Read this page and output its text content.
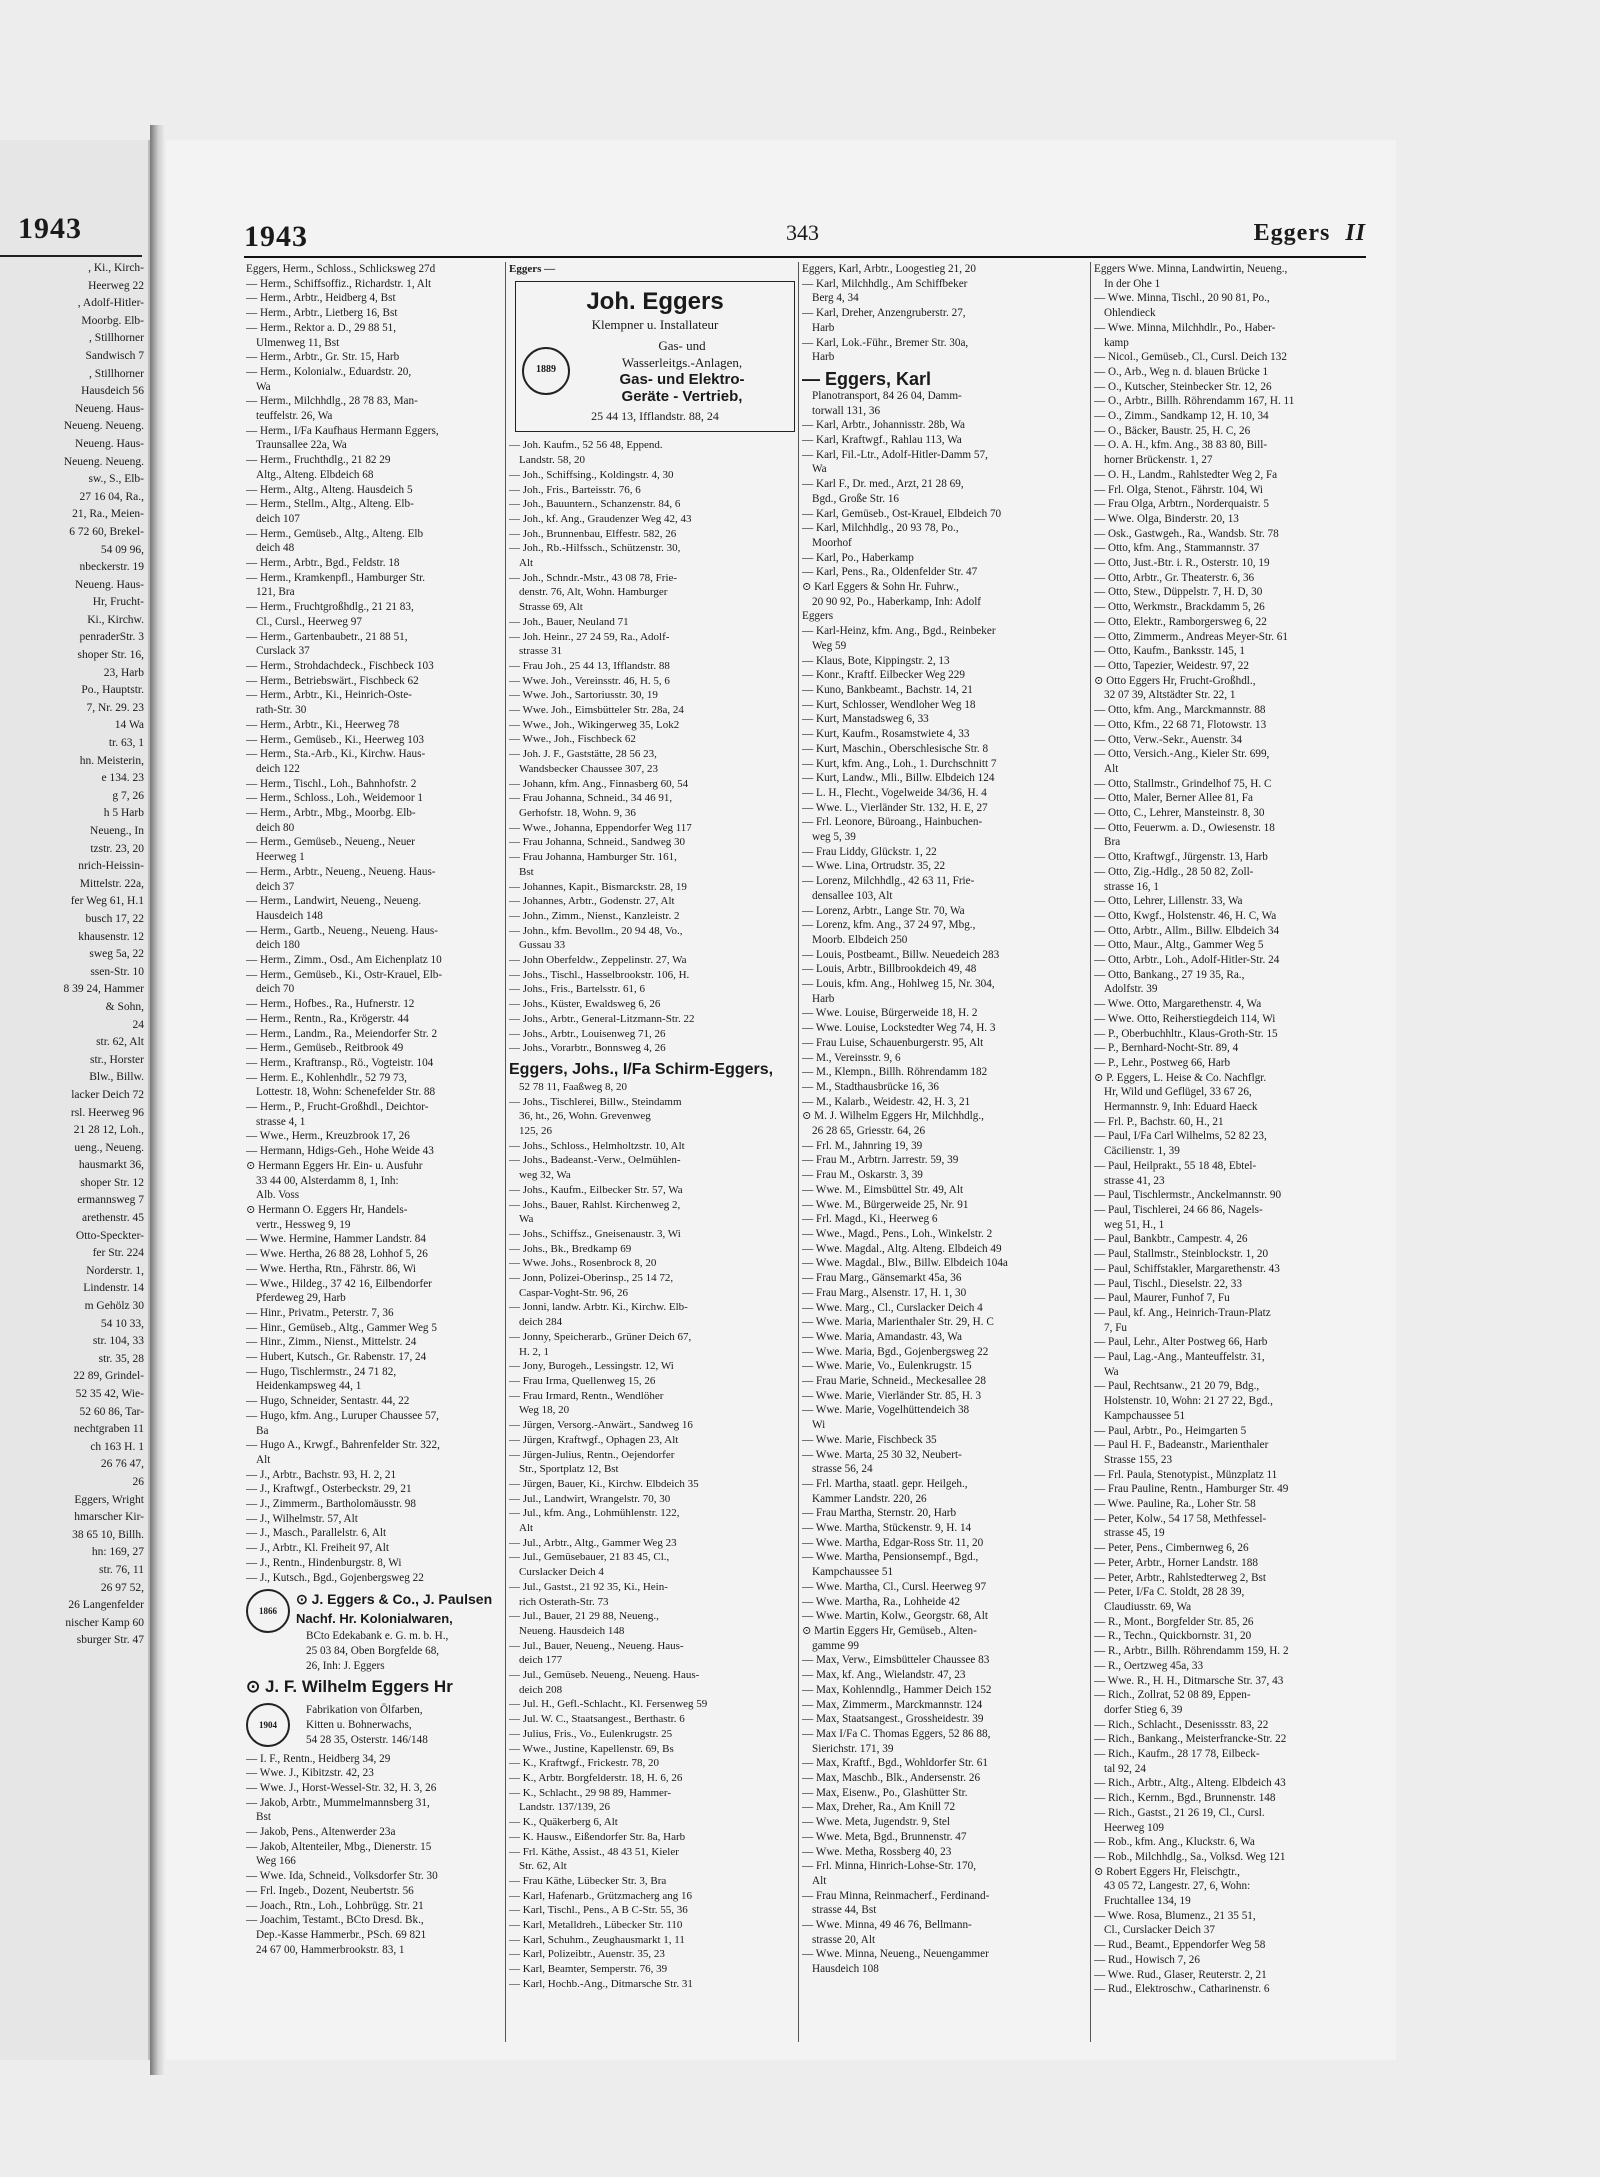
1943
, Ki., Kirch-
Heerweg 22
, Adolf-Hitler-
Moorbg. Elb-
, Stillhorner
Sandwisch 7
, Stillhorner
Hausdeich 56
Neueng. Haus-
Neueng. Neueng.
Neueng. Haus-
Neueng. Neueng.
sw., S., Elb-
27 16 04, Ra.,
21, Ra., Meien-
6 72 60, Brekel-
54 09 96,
nbeckerstr. 19
Neueng. Haus-
Hr, Frucht-
Ki., Kirchw.
penraderStr. 3
shoper Str. 16,
23, Harb
Po., Hauptstr.
7, Nr. 29. 23
14 Wa
tr. 63, 1
hn. Meisterin,
e 134. 23
g 7, 26
h 5 Harb
Neueng., In
tzstr. 23, 20
nrich-Heissin-
Mittelstr. 22a,
fer Weg 61, H.1
busch 17, 22
khausenstr. 12
sweg 5a, 22
ssen-Str. 10
8 39 24, Hammer
& Sohn,
24
str. 62, Alt
str., Horster
Blw., Billw.
lacker Deich 72
rsl. Heerweg 96
21 28 12, Loh.,
ueng., Neueng.
hausmarkt 36,
shoper Str. 12
ermannsweg 7
arethenstr. 45
Otto-Speckter-
fer Str. 224
Norderstr. 1,
Lindenstr. 14
m Gehölz 30
54 10 33,
str. 104, 33
str. 35, 28
22 89, Grindel-
52 35 42, Wie-
52 60 86, Tar-
nechtgraben 11
ch 163 H. 1
26 76 47,
26
Eggers, Wright
hmarscher Kir-
38 65 10, Billh.
hn: 169, 27
str. 76, 11
26 97 52,
26 Langenfelder
nischer Kamp 60
sburger Str. 47
1943	343	Eggers II
Eggers, Herm., Schloss., Schlicksweg 27d
— Herm., Schiffsoffiz., Richardstr. 1, Alt
— Herm., Arbtr., Heidberg 4, Bst
— Herm., Arbtr., Lietberg 16, Bst
— Herm., Rektor a. D., 29 88 51,
Ulmenweg 11, Bst
— Herm., Arbtr., Gr. Str. 15, Harb
— Herm., Kolonialw., Eduardstr. 20,
Wa
— Herm., Milchhdlg., 28 78 83, Man-
teuffelstr. 26, Wa
— Herm., I/Fa Kaufhaus Hermann Eggers,
Traunsallee 22a, Wa
— Herm., Fruchthdlg., 21 82 29
Altg., Alteng. Elbdeich 68
— Herm., Altg., Alteng. Hausdeich 5
— Herm., Stellm., Altg., Alteng. Elb-
deich 107
— Herm., Gemüseb., Altg., Alteng. Elb
deich 48
— Herm., Arbtr., Bgd., Feldstr. 18
— Herm., Kramkenpfl., Hamburger Str.
121, Bra
— Herm., Fruchtgroßhdlg., 21 21 83,
Cl., Cursl., Heerweg 97
— Herm., Gartenbaubetr., 21 88 51,
Curslack 37
— Herm., Strohdachdeck., Fischbeck 103
— Herm., Betriebswärt., Fischbeck 62
— Herm., Arbtr., Ki., Heinrich-Oste-
rath-Str. 30
— Herm., Arbtr., Ki., Heerweg 78
— Herm., Gemüseb., Ki., Heerweg 103
— Herm., Sta.-Arb., Ki., Kirchw. Haus-
deich 122
— Herm., Tischl., Loh., Bahnhofstr. 2
— Herm., Schloss., Loh., Weidemoor 1
— Herm., Arbtr., Mbg., Moorbg. Elb-
deich 80
— Herm., Gemüseb., Neueng., Neuer
Heerweg 1
— Herm., Arbtr., Neueng., Neueng. Haus-
deich 37
— Herm., Landwirt, Neueng., Neueng.
Hausdeich 148
— Herm., Gartb., Neueng., Neueng. Haus-
deich 180
— Herm., Zimm., Osd., Am Eichenplatz 10
— Herm., Gemüseb., Ki., Ostr-Krauel, Elb-
deich 70
— Herm., Hofbes., Ra., Hufnerstr. 12
— Herm., Rentn., Ra., Krögerstr. 44
— Herm., Landm., Ra., Meiendorfer Str. 2
— Herm., Gemüseb., Reitbrook 49
— Herm., Kraftransp., Rö., Vogteistr. 104
— Herm. E., Kohlenhdlr., 52 79 73,
Lottestr. 18, Wohn: Schenefelder Str. 88
— Herm., P., Frucht-Großhdl., Deichtor-
strasse 4, 1
— Wwe., Herm., Kreuzbrook 17, 26
— Hermann, Hdigs-Geh., Hohe Weide 43
⊙ Hermann Eggers Hr. Ein- u. Ausfuhr
33 44 00, Alsterdamm 8, 1, Inh:
Alb. Voss
⊙ Hermann O. Eggers Hr, Handels-
vertr., Hessweg 9, 19
— Wwe. Hermine, Hammer Landstr. 84
— Wwe. Hertha, 26 88 28, Lohhof 5, 26
— Wwe. Hertha, Rtn., Fährstr. 86, Wi
— Wwe., Hildeg., 37 42 16, Eilbendorfer
Pferdeweg 29, Harb
— Hinr., Privatm., Peterstr. 7, 36
— Hinr., Gemüseb., Altg., Gammer Weg 5
— Hinr., Zimm., Nienst., Mittelstr. 24
— Hubert, Kutsch., Gr. Rabenstr. 17, 24
— Hugo, Tischlermstr., 24 71 82,
Heidenkampsweg 44, 1
— Hugo, Schneider, Sentastr. 44, 22
— Hugo, kfm. Ang., Luruper Chaussee 57,
Ba
— Hugo A., Krwgf., Bahrenfelder Str. 322,
Alt
— J., Arbtr., Bachstr. 93, H. 2, 21
— J., Kraftwgf., Osterbeckstr. 29, 21
— J., Zimmerm., Bartholomäusstr. 98
— J., Wilhelmstr. 57, Alt
— J., Masch., Parallelstr. 6, Alt
— J., Arbtr., Kl. Freiheit 97, Alt
— J., Rentn., Hindenburgstr. 8, Wi
— J., Kutsch., Bgd., Gojenbergsweg 22
1866
⊙ J. Eggers & Co., J. Paulsen
Nachf. Hr. Kolonialwaren,
BCto Edekabank e. G. m. b. H.,
25 03 84, Oben Borgfelde 68,
26, Inh: J. Eggers
⊙ J. F. Wilhelm Eggers Hr
1904
Fabrikation von Ölfarben,
Kitten u. Bohnerwachs,
54 28 35, Osterstr. 146/148
— I. F., Rentn., Heidberg 34, 29
— Wwe. J., Kibitzstr. 42, 23
— Wwe. J., Horst-Wessel-Str. 32, H. 3, 26
— Jakob, Arbtr., Mummelmannsberg 31,
Bst
— Jakob, Pens., Altenwerder 23a
— Jakob, Altenteiler, Mbg., Dienerstr. 15
Weg 166
— Wwe. Ida, Schneid., Volksdorfer Str. 30
— Frl. Ingeb., Dozent, Neubertstr. 56
— Joach., Rtn., Loh., Lohbrügg. Str. 21
— Joachim, Testamt., BCto Dresd. Bk.,
Dep.-Kasse Hammerbr., PSch. 69 821
24 67 00, Hammerbrookstr. 83, 1
Eggers —
Joh. Eggers
Klempner u. Installateur
1889
Gas- und
Wasserleitgs.-Anlagen,
Gas- und Elektro-
Geräte - Vertrieb,
25 44 13, Ifflandstr. 88, 24
— Joh. Kaufm., 52 56 48, Eppend.
Landstr. 58, 20
— Joh., Schiffsing., Koldingstr. 4, 30
— Joh., Fris., Barteisstr. 76, 6
— Joh., Bauuntern., Schanzenstr. 84, 6
— Joh., kf. Ang., Graudenzer Weg 42, 43
— Joh., Brunnenbau, Elffestr. 582, 26
— Joh., Rb.-Hilfssch., Schützenstr. 30,
Alt
— Joh., Schndr.-Mstr., 43 08 78, Frie-
denstr. 76, Alt, Wohn. Hamburger
Strasse 69, Alt
— Joh., Bauer, Neuland 71
— Joh. Heinr., 27 24 59, Ra., Adolf-
strasse 31
— Frau Joh., 25 44 13, Ifflandstr. 88
— Wwe. Joh., Vereinsstr. 46, H. 5, 6
— Wwe. Joh., Sartoriusstr. 30, 19
— Wwe. Joh., Eimsbütteler Str. 28a, 24
— Wwe., Joh., Wikingerweg 35, Lok2
— Wwe., Joh., Fischbeck 62
— Joh. J. F., Gaststätte, 28 56 23,
Wandsbecker Chaussee 307, 23
— Johann, kfm. Ang., Finnasberg 60, 54
— Frau Johanna, Schneid., 34 46 91,
Gerhofstr. 18, Wohn. 9, 36
— Wwe., Johanna, Eppendorfer Weg 117
— Frau Johanna, Schneid., Sandweg 30
— Frau Johanna, Hamburger Str. 161,
Bst
— Johannes, Kapit., Bismarckstr. 28, 19
— Johannes, Arbtr., Godenstr. 27, Alt
— John., Zimm., Nienst., Kanzleistr. 2
— John., kfm. Bevollm., 20 94 48, Vo.,
Gussau 33
— John Oberfeldw., Zeppelinstr. 27, Wa
— Johs., Tischl., Hasselbrookstr. 106, H.
— Johs., Fris., Bartelsstr. 61, 6
— Johs., Küster, Ewaldsweg 6, 26
— Johs., Arbtr., General-Litzmann-Str. 22
— Johs., Arbtr., Louisenweg 71, 26
— Johs., Vorarbtr., Bonnsweg 4, 26
Eggers, Johs., I/Fa Schirm-Eggers,
52 78 11, Faaßweg 8, 20
— Johs., Tischlerei, Billw., Steindamm
36, ht., 26, Wohn. Grevenweg
125, 26
— Johs., Schloss., Helmholtzstr. 10, Alt
— Johs., Badeanst.-Verw., Oelmühlen-
weg 32, Wa
— Johs., Kaufm., Eilbecker Str. 57, Wa
— Johs., Bauer, Rahlst. Kirchenweg 2,
Wa
— Johs., Schiffsz., Gneisenaustr. 3, Wi
— Johs., Bk., Bredkamp 69
— Wwe. Johs., Rosenbrock 8, 20
— Jonn, Polizei-Oberinsp., 25 14 72,
Caspar-Voght-Str. 96, 26
— Jonni, landw. Arbtr. Ki., Kirchw. Elb-
deich 284
— Jonny, Speicherarb., Grüner Deich 67,
H. 2, 1
— Jony, Burogeh., Lessingstr. 12, Wi
— Frau Irma, Quellenweg 15, 26
— Frau Irmard, Rentn., Wendlöher
Weg 18, 20
— Jürgen, Versorg.-Anwärt., Sandweg 16
— Jürgen, Kraftwgf., Ophagen 23, Alt
— Jürgen-Julius, Rentn., Oejendorfer
Str., Sportplatz 12, Bst
— Jürgen, Bauer, Ki., Kirchw. Elbdeich 35
— Jul., Landwirt, Wrangelstr. 70, 30
— Jul., kfm. Ang., Lohmühlenstr. 122,
Alt
— Jul., Arbtr., Altg., Gammer Weg 23
— Jul., Gemüsebauer, 21 83 45, Cl.,
Curslacker Deich 4
— Jul., Gastst., 21 92 35, Ki., Hein-
rich Osterath-Str. 73
— Jul., Bauer, 21 29 88, Neueng.,
Neueng. Hausdeich 148
— Jul., Bauer, Neueng., Neueng. Haus-
deich 177
— Jul., Gemüseb. Neueng., Neueng. Haus-
deich 208
— Jul. H., Gefl.-Schlacht., Kl. Fersenweg 59
— Jul. W. C., Staatsangest., Berthastr. 6
— Julius, Fris., Vo., Eulenkrugstr. 25
— Wwe., Justine, Kapellenstr. 69, Bs
— K., Kraftwgf., Frickestr. 78, 20
— K., Arbtr. Borgfelderstr. 18, H. 6, 26
— K., Schlacht., 29 98 89, Hammer-
Landstr. 137/139, 26
— K., Quäkerberg 6, Alt
— K. Hausw., Eißendorfer Str. 8a, Harb
— Frl. Käthe, Assist., 48 43 51, Kieler
Str. 62, Alt
— Frau Käthe, Lübecker Str. 3, Bra
— Karl, Hafenarb., Grützmacherg ang 16
— Karl, Tischl., Pens., A B C-Str. 55, 36
— Karl, Metalldreh., Lübecker Str. 110
— Karl, Schuhm., Zeughausmarkt 1, 11
— Karl, Polizeibtr., Auenstr. 35, 23
— Karl, Beamter, Semperstr. 76, 39
— Karl, Hochb.-Ang., Ditmarsche Str. 31
Eggers, Karl, Arbtr., Loogestieg 21, 20
— Karl, Milchhdlg., Am Schiffbeker
Berg 4, 34
— Karl, Dreher, Anzengruberstr. 27,
Harb
— Karl, Lok.-Führ., Bremer Str. 30a,
Harb
— Eggers, Karl
Planotransport, 84 26 04, Damm-
torwall 131, 36
— Karl, Arbtr., Johannisstr. 28b, Wa
— Karl, Kraftwgf., Rahlau 113, Wa
— Karl, Fil.-Ltr., Adolf-Hitler-Damm 57,
Wa
— Karl F., Dr. med., Arzt, 21 28 69,
Bgd., Große Str. 16
— Karl, Gemüseb., Ost-Krauel, Elbdeich 70
— Karl, Milchhdlg., 20 93 78, Po.,
Moorhof
— Karl, Po., Haberkamp
— Karl, Pens., Ra., Oldenfelder Str. 47
⊙ Karl Eggers & Sohn Hr. Fuhrw.,
20 90 92, Po., Haberkamp, Inh: Adolf
Eggers
— Karl-Heinz, kfm. Ang., Bgd., Reinbeker
Weg 59
— Klaus, Bote, Kippingstr. 2, 13
— Konr., Kraftf. Eilbecker Weg 229
— Kuno, Bankbeamt., Bachstr. 14, 21
— Kurt, Schlosser, Wendloher Weg 18
— Kurt, Manstadsweg 6, 33
— Kurt, Kaufm., Rosamstwiete 4, 33
— Kurt, Maschin., Oberschlesische Str. 8
— Kurt, kfm. Ang., Loh., 1. Durchschnitt 7
— Kurt, Landw., Mli., Billw. Elbdeich 124
— L. H., Flecht., Vogelweide 34/36, H. 4
— Wwe. L., Vierländer Str. 132, H. E, 27
— Frl. Leonore, Büroang., Hainbuchen-
weg 5, 39
— Frau Liddy, Glückstr. 1, 22
— Wwe. Lina, Ortrudstr. 35, 22
— Lorenz, Milchhdlg., 42 63 11, Frie-
densallee 103, Alt
— Lorenz, Arbtr., Lange Str. 70, Wa
— Lorenz, kfm. Ang., 37 24 97, Mbg.,
Moorb. Elbdeich 250
— Louis, Postbeamt., Billw. Neuedeich 283
— Louis, Arbtr., Billbrookdeich 49, 48
— Louis, kfm. Ang., Hohlweg 15, Nr. 304,
Harb
— Wwe. Louise, Bürgerweide 18, H. 2
— Wwe. Louise, Lockstedter Weg 74, H. 3
— Frau Luise, Schauenburgerstr. 95, Alt
— M., Vereinsstr. 9, 6
— M., Klempn., Billh. Röhrendamm 182
— M., Stadthausbrücke 16, 36
— M., Kalarb., Weidestr. 42, H. 3, 21
⊙ M. J. Wilhelm Eggers Hr, Milchhdlg.,
26 28 65, Griesstr. 64, 26
— Frl. M., Jahnring 19, 39
— Frau M., Arbtrn. Jarrestr. 59, 39
— Frau M., Oskarstr. 3, 39
— Wwe. M., Eimsbüttel Str. 49, Alt
— Wwe. M., Bürgerweide 25, Nr. 91
— Frl. Magd., Ki., Heerweg 6
— Wwe., Magd., Pens., Loh., Winkelstr. 2
— Wwe. Magdal., Altg. Alteng. Elbdeich 49
— Wwe. Magdal., Blw., Billw. Elbdeich 104a
— Frau Marg., Gänsemarkt 45a, 36
— Frau Marg., Alsenstr. 17, H. 1, 30
— Wwe. Marg., Cl., Curslacker Deich 4
— Wwe. Maria, Marienthaler Str. 29, H. C
— Wwe. Maria, Amandastr. 43, Wa
— Wwe. Maria, Bgd., Gojenbergsweg 22
— Wwe. Marie, Vo., Eulenkrugstr. 15
— Frau Marie, Schneid., Meckesallee 28
— Wwe. Marie, Vierländer Str. 85, H. 3
— Wwe. Marie, Vogelhüttendeich 38
Wi
— Wwe. Marie, Fischbeck 35
— Wwe. Marta, 25 30 32, Neubert-
strasse 56, 24
— Frl. Martha, staatl. gepr. Heilgeh.,
Kammer Landstr. 220, 26
— Frau Martha, Sternstr. 20, Harb
— Wwe. Martha, Stückenstr. 9, H. 14
— Wwe. Martha, Edgar-Ross Str. 11, 20
— Wwe. Martha, Pensionsempf., Bgd.,
Kampchaussee 51
— Wwe. Martha, Cl., Cursl. Heerweg 97
— Wwe. Martha, Ra., Lohheide 42
— Wwe. Martin, Kolw., Georgstr. 68, Alt
⊙ Martin Eggers Hr, Gemüseb., Alten-
gamme 99
— Max, Verw., Eimsbütteler Chaussee 83
— Max, kf. Ang., Wielandstr. 47, 23
— Max, Kohlenndlg., Hammer Deich 152
— Max, Zimmerm., Marckmannstr. 124
— Max, Staatsangest., Grossheidestr. 39
— Max I/Fa C. Thomas Eggers, 52 86 88,
Sierichstr. 171, 39
— Max, Kraftf., Bgd., Wohldorfer Str. 61
— Max, Maschb., Blk., Andersenstr. 26
— Max, Eisenw., Po., Glashütter Str.
— Max, Dreher, Ra., Am Knill 72
— Wwe. Meta, Jugendstr. 9, Stel
— Wwe. Meta, Bgd., Brunnenstr. 47
— Wwe. Metha, Rossberg 40, 23
— Frl. Minna, Hinrich-Lohse-Str. 170,
Alt
— Frau Minna, Reinmacherf., Ferdinand-
strasse 44, Bst
— Wwe. Minna, 49 46 76, Bellmann-
strasse 20, Alt
— Wwe. Minna, Neueng., Neuengammer
Hausdeich 108
Eggers Wwe. Minna, Landwirtin, Neueng.,
In der Ohe 1
— Wwe. Minna, Tischl., 20 90 81, Po.,
Ohlendieck
— Wwe. Minna, Milchhdlr., Po., Haber-
kamp
— Nicol., Gemüseb., Cl., Cursl. Deich 132
— O., Arb., Weg n. d. blauen Brücke 1
— O., Kutscher, Steinbecker Str. 12, 26
— O., Arbtr., Billh. Röhrendamm 167, H. 11
— O., Zimm., Sandkamp 12, H. 10, 34
— O., Bäcker, Baustr. 25, H. C, 26
— O. A. H., kfm. Ang., 38 83 80, Bill-
horner Brückenstr. 1, 27
— O. H., Landm., Rahlstedter Weg 2, Fa
— Frl. Olga, Stenot., Fährstr. 104, Wi
— Frau Olga, Arbtrn., Norderquaistr. 5
— Wwe. Olga, Binderstr. 20, 13
— Osk., Gastwgeh., Ra., Wandsb. Str. 78
— Otto, kfm. Ang., Stammannstr. 37
— Otto, Just.-Btr. i. R., Osterstr. 10, 19
— Otto, Arbtr., Gr. Theaterstr. 6, 36
— Otto, Stew., Düppelstr. 7, H. D, 30
— Otto, Werkmstr., Brackdamm 5, 26
— Otto, Elektr., Ramborgersweg 6, 22
— Otto, Zimmerm., Andreas Meyer-Str. 61
— Otto, Kaufm., Banksstr. 145, 1
— Otto, Tapezier, Weidestr. 97, 22
⊙ Otto Eggers Hr, Frucht-Großhdl.,
32 07 39, Altstädter Str. 22, 1
— Otto, kfm. Ang., Marckmannstr. 88
— Otto, Kfm., 22 68 71, Flotowstr. 13
— Otto, Verw.-Sekr., Auenstr. 34
— Otto, Versich.-Ang., Kieler Str. 699,
Alt
— Otto, Stallmstr., Grindelhof 75, H. C
— Otto, Maler, Berner Allee 81, Fa
— Otto, C., Lehrer, Mansteinstr. 8, 30
— Otto, Feuerwm. a. D., Owiesenstr. 18
Bra
— Otto, Kraftwgf., Jürgenstr. 13, Harb
— Otto, Zig.-Hdlg., 28 50 82, Zoll-
strasse 16, 1
— Otto, Lehrer, Lillenstr. 33, Wa
— Otto, Kwgf., Holstenstr. 46, H. C, Wa
— Otto, Arbtr., Allm., Billw. Elbdeich 34
— Otto, Maur., Altg., Gammer Weg 5
— Otto, Arbtr., Loh., Adolf-Hitler-Str. 24
— Otto, Bankang., 27 19 35, Ra.,
Adolfstr. 39
— Wwe. Otto, Margarethenstr. 4, Wa
— Wwe. Otto, Reiherstiegdeich 114, Wi
— P., Oberbuchhltr., Klaus-Groth-Str. 15
— P., Bernhard-Nocht-Str. 89, 4
— P., Lehr., Postweg 66, Harb
⊙ P. Eggers, L. Heise & Co. Nachflgr.
Hr, Wild und Geflügel, 33 67 26,
Hermannstr. 9, Inh: Eduard Haeck
— Frl. P., Bachstr. 60, H., 21
— Paul, I/Fa Carl Wilhelms, 52 82 23,
Cäcilienstr. 1, 39
— Paul, Heilprakt., 55 18 48, Ebtel-
strasse 41, 23
— Paul, Tischlermstr., Anckelmannstr. 90
— Paul, Tischlerei, 24 66 86, Nagels-
weg 51, H., 1
— Paul, Bankbtr., Campestr. 4, 26
— Paul, Stallmstr., Steinblockstr. 1, 20
— Paul, Schiffstakler, Margarethenstr. 43
— Paul, Tischl., Dieselstr. 22, 33
— Paul, Maurer, Funhof 7, Fu
— Paul, kf. Ang., Heinrich-Traun-Platz
7, Fu
— Paul, Lehr., Alter Postweg 66, Harb
— Paul, Lag.-Ang., Manteuffelstr. 31,
Wa
— Paul, Rechtsanw., 21 20 79, Bdg.,
Holstenstr. 10, Wohn: 21 27 22, Bgd.,
Kampchaussee 51
— Paul, Arbtr., Po., Heimgarten 5
— Paul H. F., Badeanstr., Marienthaler
Strasse 155, 23
— Frl. Paula, Stenotypist., Münzplatz 11
— Frau Pauline, Rentn., Hamburger Str. 49
— Wwe. Pauline, Ra., Loher Str. 58
— Peter, Kolw., 54 17 58, Methfessel-
strasse 45, 19
— Peter, Pens., Cimbernweg 6, 26
— Peter, Arbtr., Horner Landstr. 188
— Peter, Arbtr., Rahlstedterweg 2, Bst
— Peter, I/Fa C. Stoldt, 28 28 39,
Claudiusstr. 69, Wa
— R., Mont., Borgfelder Str. 85, 26
— R., Techn., Quickbornstr. 31, 20
— R., Arbtr., Billh. Röhrendamm 159, H. 2
— R., Oertzweg 45a, 33
— Wwe. R., H. H., Ditmarsche Str. 37, 43
— Rich., Zollrat, 52 08 89, Eppen-
dorfer Stieg 6, 39
— Rich., Schlacht., Desenissstr. 83, 22
— Rich., Bankang., Meisterfrancke-Str. 22
— Rich., Kaufm., 28 17 78, Eilbeck-
tal 92, 24
— Rich., Arbtr., Altg., Alteng. Elbdeich 43
— Rich., Kernm., Bgd., Brunnenstr. 148
— Rich., Gastst., 21 26 19, Cl., Cursl.
Heerweg 109
— Rob., kfm. Ang., Kluckstr. 6, Wa
— Rob., Milchhdlg., Sa., Volksd. Weg 121
⊙ Robert Eggers Hr, Fleischgtr.,
43 05 72, Langestr. 27, 6, Wohn:
Fruchtallee 134, 19
— Wwe. Rosa, Blumenz., 21 35 51,
Cl., Curslacker Deich 37
— Rud., Beamt., Eppendorfer Weg 58
— Rud., Howisch 7, 26
— Wwe. Rud., Glaser, Reuterstr. 2, 21
— Rud., Elektroschw., Catharinenstr. 6
